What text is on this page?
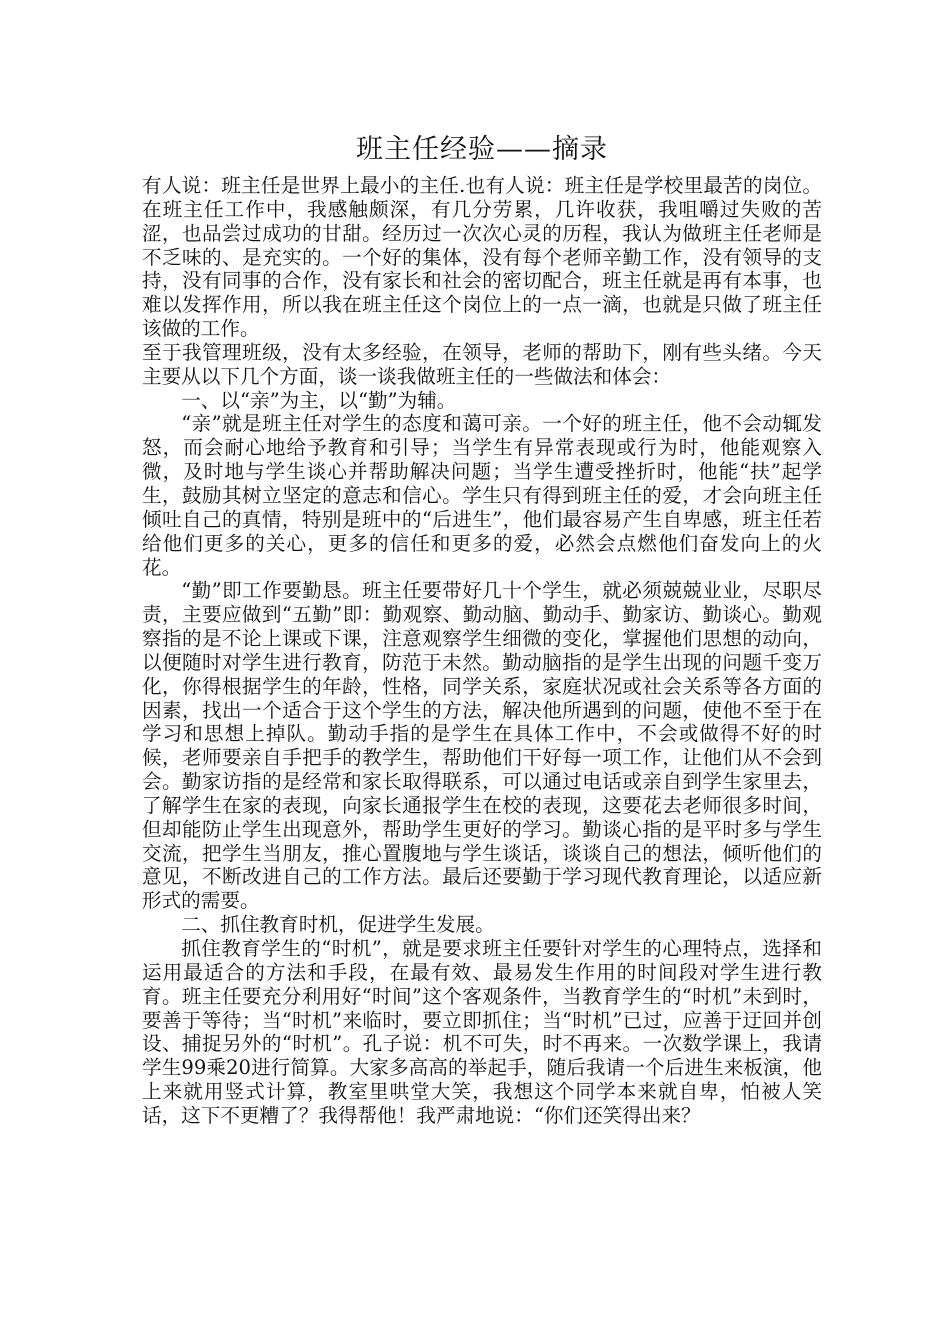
班主任经验——摘录

有人说：班主任是世界上最小的主任.也有人说：班主任是学校里最苦的岗位。在班主任工作中，我感触颇深，有几分劳累，几许收获，我咀嚼过失败的苦涩，也品尝过成功的甘甜。经历过一次次心灵的历程，我认为做班主任老师是不乏味的、是充实的。一个好的集体，没有每个老师辛勤工作，没有领导的支持，没有同事的合作，没有家长和社会的密切配合，班主任就是再有本事，也难以发挥作用，所以我在班主任这个岗位上的一点一滴，也就是只做了班主任该做的工作。

至于我管理班级，没有太多经验，在领导，老师的帮助下，刚有些头绪。今天主要从以下几个方面，谈一谈我做班主任的一些做法和体会：

一、以“亲”为主，以“勤”为辅。

“亲”就是班主任对学生的态度和蔼可亲。一个好的班主任，他不会动辄发怒，而会耐心地给予教育和引导；当学生有异常表现或行为时，他能观察入微，及时地与学生谈心并帮助解决问题；当学生遭受挫折时，他能“扶”起学生，鼓励其树立坚定的意志和信心。学生只有得到班主任的爱，才会向班主任倾吐自己的真情，特别是班中的“后进生”，他们最容易产生自卑感，班主任若给他们更多的关心，更多的信任和更多的爱，必然会点燃他们奋发向上的火花。

“勤”即工作要勤恳。班主任要带好几十个学生，就必须兢兢业业，尽职尽责，主要应做到“五勤”即：勤观察、勤动脑、勤动手、勤家访、勤谈心。勤观察指的是不论上课或下课，注意观察学生细微的变化，掌握他们思想的动向，以便随时对学生进行教育，防范于未然。勤动脑指的是学生出现的问题千变万化，你得根据学生的年龄，性格，同学关系，家庭状况或社会关系等各方面的因素，找出一个适合于这个学生的方法，解决他所遇到的问题，使他不至于在学习和思想上掉队。勤动手指的是学生在具体工作中，不会或做得不好的时候，老师要亲自手把手的教学生，帮助他们干好每一项工作，让他们从不会到会。勤家访指的是经常和家长取得联系，可以通过电话或亲自到学生家里去，了解学生在家的表现，向家长通报学生在校的表现，这要花去老师很多时间，但却能防止学生出现意外，帮助学生更好的学习。勤谈心指的是平时多与学生交流，把学生当朋友，推心置腹地与学生谈话，谈谈自己的想法，倾听他们的意见，不断改进自己的工作方法。最后还要勤于学习现代教育理论，以适应新形式的需要。

二、抓住教育时机，促进学生发展。

抓住教育学生的“时机”，就是要求班主任要针对学生的心理特点，选择和运用最适合的方法和手段，在最有效、最易发生作用的时间段对学生进行教育。班主任要充分利用好“时间”这个客观条件，当教育学生的“时机”未到时，要善于等待；当“时机”来临时，要立即抓住；当“时机”已过，应善于迂回并创设、捕捉另外的“时机”。孔子说：机不可失，时不再来。一次数学课上，我请学生99乘20进行简算。大家多高高的举起手，随后我请一个后进生来板演，他上来就用竖式计算，教室里哄堂大笑，我想这个同学本来就自卑，怕被人笑话，这下不更糟了？我得帮他！我严肃地说：“你们还笑得出来？
